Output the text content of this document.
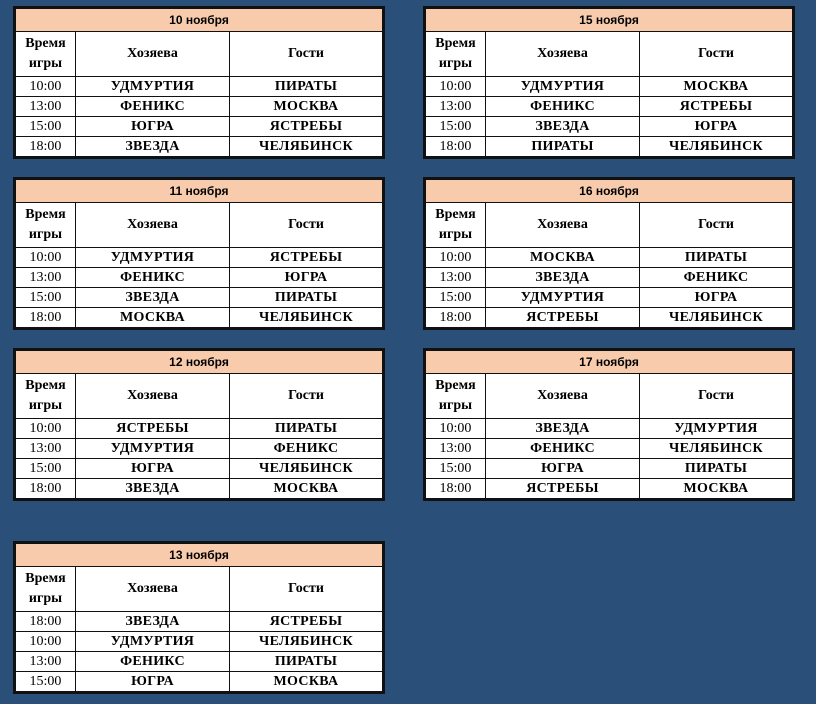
10 ноября		
Время
игры	Хозяева	Гости
10:00	УДМУРТИЯ	ПИРАТЫ
13:00	ФЕНИКС	МОСКВА
15:00	ЮГРА	ЯСТРЕБЫ
18:00	ЗВЕЗДА	ЧЕЛЯБИНСК
15 ноября		
Время
игры	Хозяева	Гости
10:00	УДМУРТИЯ	МОСКВА
13:00	ФЕНИКС	ЯСТРЕБЫ
15:00	ЗВЕЗДА	ЮГРА
18:00	ПИРАТЫ	ЧЕЛЯБИНСК
11 ноября		
Время
игры	Хозяева	Гости
10:00	УДМУРТИЯ	ЯСТРЕБЫ
13:00	ФЕНИКС	ЮГРА
15:00	ЗВЕЗДА	ПИРАТЫ
18:00	МОСКВА	ЧЕЛЯБИНСК
16 ноября		
Время
игры	Хозяева	Гости
10:00	МОСКВА	ПИРАТЫ
13:00	ЗВЕЗДА	ФЕНИКС
15:00	УДМУРТИЯ	ЮГРА
18:00	ЯСТРЕБЫ	ЧЕЛЯБИНСК
12 ноября		
Время
игры	Хозяева	Гости
10:00	ЯСТРЕБЫ	ПИРАТЫ
13:00	УДМУРТИЯ	ФЕНИКС
15:00	ЮГРА	ЧЕЛЯБИНСК
18:00	ЗВЕЗДА	МОСКВА
17 ноября		
Время
игры	Хозяева	Гости
10:00	ЗВЕЗДА	УДМУРТИЯ
13:00	ФЕНИКС	ЧЕЛЯБИНСК
15:00	ЮГРА	ПИРАТЫ
18:00	ЯСТРЕБЫ	МОСКВА
13 ноября		
Время
игры	Хозяева	Гости
18:00	ЗВЕЗДА	ЯСТРЕБЫ
10:00	УДМУРТИЯ	ЧЕЛЯБИНСК
13:00	ФЕНИКС	ПИРАТЫ
15:00	ЮГРА	МОСКВА
